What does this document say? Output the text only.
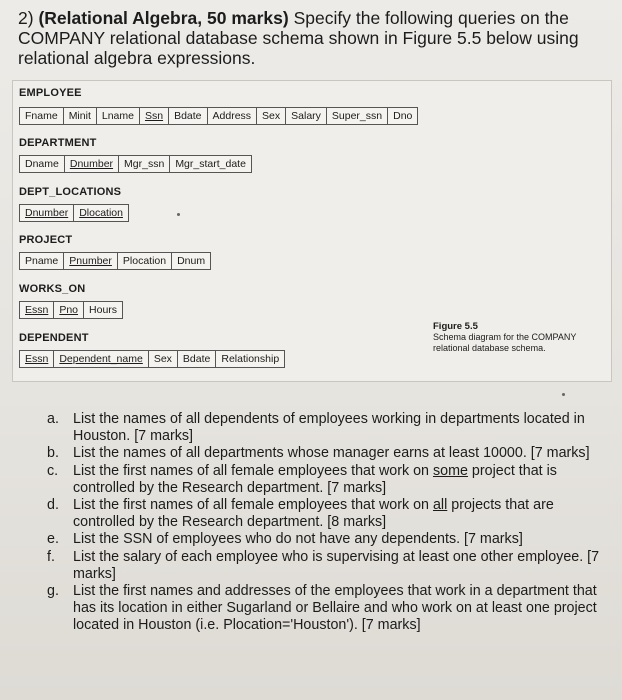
2) (Relational Algebra, 50 marks) Specify the following queries on the COMPANY relational database schema shown in Figure 5.5 below using relational algebra expressions.
EMPLOYEE
Fname	Minit	Lname	Ssn	Bdate	Address	Sex	Salary	Super_ssn	Dno
DEPARTMENT
Dname	Dnumber	Mgr_ssn	Mgr_start_date
DEPT_LOCATIONS
Dnumber	Dlocation
PROJECT
Pname	Pnumber	Plocation	Dnum
WORKS_ON
Essn	Pno	Hours
DEPENDENT
Essn	Dependent_name	Sex	Bdate	Relationship
Figure 5.5
Schema diagram for the COMPANY relational database schema.
a. List the names of all dependents of employees working in departments located in Houston. [7 marks]
b. List the names of all departments whose manager earns at least 10000. [7 marks]
c.	List the first names of all female employees that work on some project that is controlled by the Research department. [7 marks]
d. List the first names of all female employees that work on all projects that are controlled by the Research department. [8 marks]
e. List the SSN of employees who do not have any dependents. [7 marks]
f.	List the salary of each employee who is supervising at least one other employee. [7 marks]
g. List the first names and addresses of the employees that work in a department that has its location in either Sugarland or Bellaire and who work on at least one project located in Houston (i.e. Plocation='Houston'). [7 marks]
